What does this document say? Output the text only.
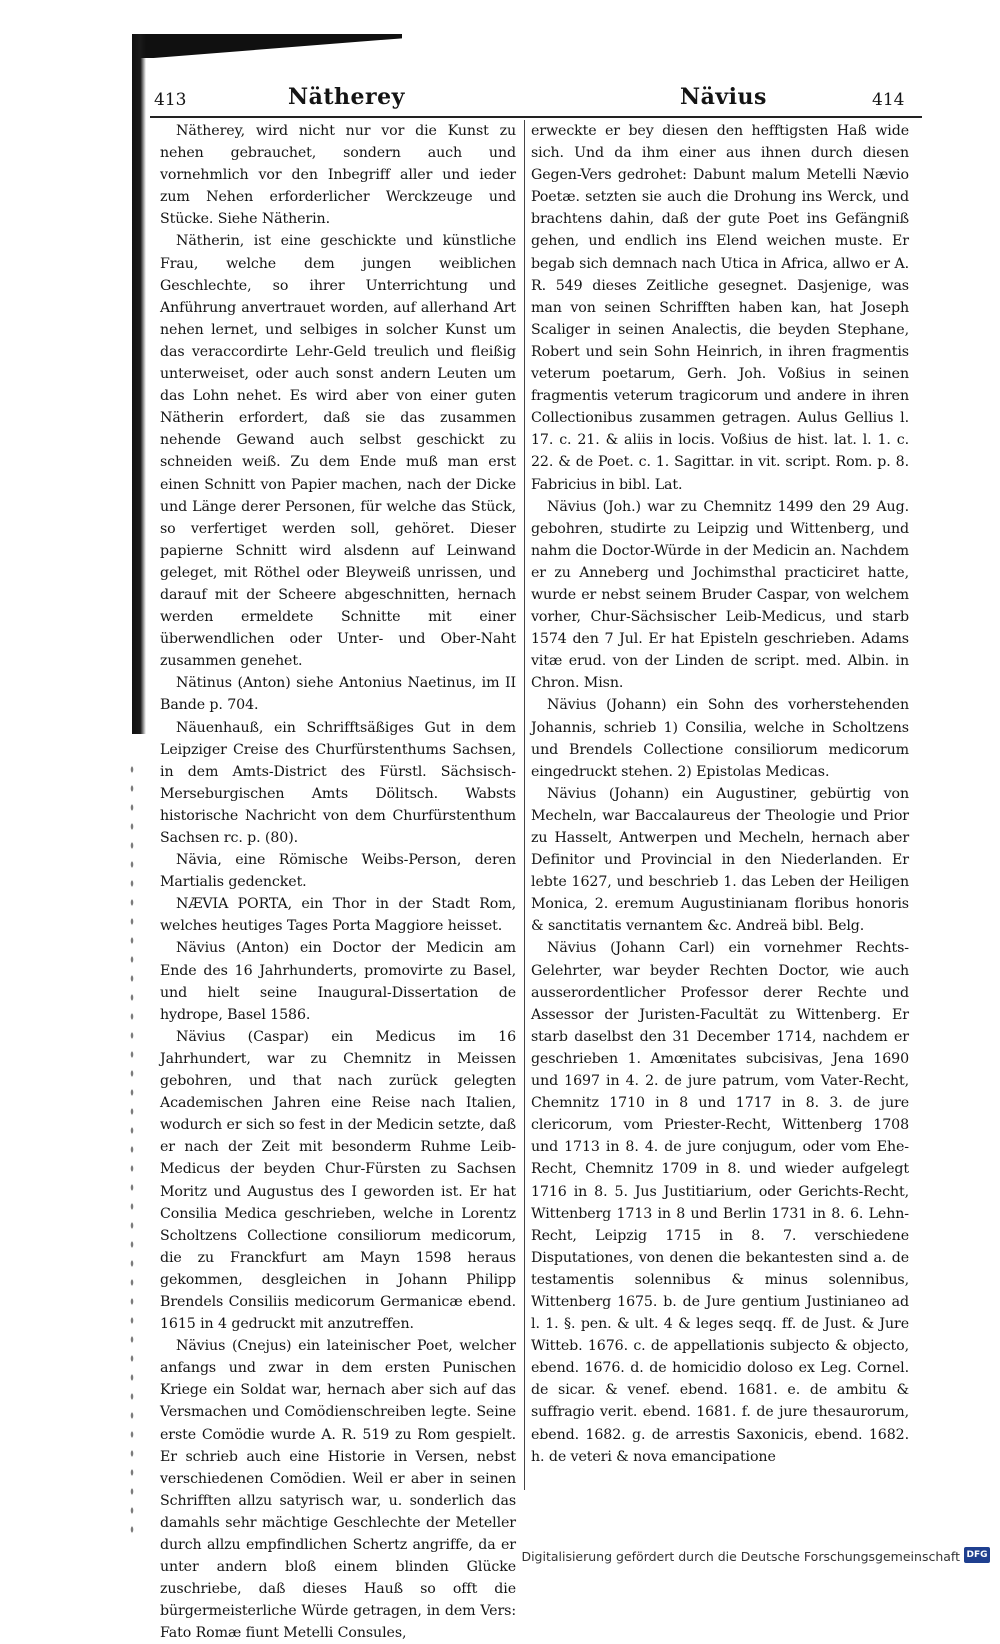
413	Nätherey	Nävius	414

Nätherey, wird nicht nur vor die Kunst zu nehen gebrauchet, sondern auch und vornehmlich vor den Inbegriff aller und ieder zum Nehen erforderlicher Werckzeuge und Stücke. Siehe Nätherin.

Nätherin, ist eine geschickte und künstliche Frau, welche dem jungen weiblichen Geschlechte, so ihrer Unterrichtung und Anführung anvertrauet worden, auf allerhand Art nehen lernet, und selbiges in solcher Kunst um das veraccordirte Lehr-Geld treulich und fleißig unterweiset, oder auch sonst andern Leuten um das Lohn nehet. Es wird aber von einer guten Nätherin erfordert, daß sie das zusammen nehende Gewand auch selbst geschickt zu schneiden weiß. Zu dem Ende muß man erst einen Schnitt von Papier machen, nach der Dicke und Länge derer Personen, für welche das Stück, so verfertiget werden soll, gehöret. Dieser papierne Schnitt wird alsdenn auf Leinwand geleget, mit Röthel oder Bleyweiß unrissen, und darauf mit der Scheere abgeschnitten, hernach werden ermeldete Schnitte mit einer überwendlichen oder Unter- und Ober-Naht zusammen genehet.

Nätinus (Anton) siehe Antonius Naetinus, im II Bande p. 704.

Näuenhauß, ein Schrifftsäßiges Gut in dem Leipziger Creise des Churfürstenthums Sachsen, in dem Amts-District des Fürstl. Sächsisch-Merseburgischen Amts Dölitsch. Wabsts historische Nachricht von dem Churfürstenthum Sachsen rc. p. (80).

Nävia, eine Römische Weibs-Person, deren Martialis gedencket.

NÆVIA PORTA, ein Thor in der Stadt Rom, welches heutiges Tages Porta Maggiore heisset.

Nävius (Anton) ein Doctor der Medicin am Ende des 16 Jahrhunderts, promovirte zu Basel, und hielt seine Inaugural-Dissertation de hydrope, Basel 1586.

Nävius (Caspar) ein Medicus im 16 Jahrhundert, war zu Chemnitz in Meissen gebohren, und that nach zurück gelegten Academischen Jahren eine Reise nach Italien, wodurch er sich so fest in der Medicin setzte, daß er nach der Zeit mit besonderm Ruhme Leib-Medicus der beyden Chur-Fürsten zu Sachsen Moritz und Augustus des I geworden ist. Er hat Consilia Medica geschrieben, welche in Lorentz Scholtzens Collectione consiliorum medicorum, die zu Franckfurt am Mayn 1598 heraus gekommen, desgleichen in Johann Philipp Brendels Consiliis medicorum Germanicæ ebend. 1615 in 4 gedruckt mit anzutreffen.

Nävius (Cnejus) ein lateinischer Poet, welcher anfangs und zwar in dem ersten Punischen Kriege ein Soldat war, hernach aber sich auf das Versmachen und Comödienschreiben legte. Seine erste Comödie wurde A. R. 519 zu Rom gespielt. Er schrieb auch eine Historie in Versen, nebst verschiedenen Comödien. Weil er aber in seinen Schrifften allzu satyrisch war, u. sonderlich das damahls sehr mächtige Geschlechte der Meteller durch allzu empfindlichen Schertz angriffe, da er unter andern bloß einem blinden Glücke zuschriebe, daß dieses Hauß so offt die bürgermeisterliche Würde getragen, in dem Vers: Fato Romæ fiunt Metelli Consules,

erweckte er bey diesen den hefftigsten Haß wide sich. Und da ihm einer aus ihnen durch diesen Gegen-Vers gedrohet: Dabunt malum Metelli Nævio Poetæ. setzten sie auch die Drohung ins Werck, und brachtens dahin, daß der gute Poet ins Gefängniß gehen, und endlich ins Elend weichen muste. Er begab sich demnach nach Utica in Africa, allwo er A. R. 549 dieses Zeitliche gesegnet. Dasjenige, was man von seinen Schrifften haben kan, hat Joseph Scaliger in seinen Analectis, die beyden Stephane, Robert und sein Sohn Heinrich, in ihren fragmentis veterum poetarum, Gerh. Joh. Voßius in seinen fragmentis veterum tragicorum und andere in ihren Collectionibus zusammen getragen. Aulus Gellius l. 17. c. 21. & aliis in locis. Voßius de hist. lat. l. 1. c. 22. & de Poet. c. 1. Sagittar. in vit. script. Rom. p. 8. Fabricius in bibl. Lat.

Nävius (Joh.) war zu Chemnitz 1499 den 29 Aug. gebohren, studirte zu Leipzig und Wittenberg, und nahm die Doctor-Würde in der Medicin an. Nachdem er zu Anneberg und Jochimsthal practiciret hatte, wurde er nebst seinem Bruder Caspar, von welchem vorher, Chur-Sächsischer Leib-Medicus, und starb 1574 den 7 Jul. Er hat Episteln geschrieben. Adams vitæ erud. von der Linden de script. med. Albin. in Chron. Misn.

Nävius (Johann) ein Sohn des vorherstehenden Johannis, schrieb 1) Consilia, welche in Scholtzens und Brendels Collectione consiliorum medicorum eingedruckt stehen. 2) Epistolas Medicas.

Nävius (Johann) ein Augustiner, gebürtig von Mecheln, war Baccalaureus der Theologie und Prior zu Hasselt, Antwerpen und Mecheln, hernach aber Definitor und Provincial in den Niederlanden. Er lebte 1627, und beschrieb 1. das Leben der Heiligen Monica, 2. eremum Augustinianam floribus honoris & sanctitatis vernantem &c. Andreä bibl. Belg.

Nävius (Johann Carl) ein vornehmer Rechts-Gelehrter, war beyder Rechten Doctor, wie auch ausserordentlicher Professor derer Rechte und Assessor der Juristen-Facultät zu Wittenberg. Er starb daselbst den 31 December 1714, nachdem er geschrieben 1. Amœnitates subcisivas, Jena 1690 und 1697 in 4. 2. de jure patrum, vom Vater-Recht, Chemnitz 1710 in 8 und 1717 in 8. 3. de jure clericorum, vom Priester-Recht, Wittenberg 1708 und 1713 in 8. 4. de jure conjugum, oder vom Ehe-Recht, Chemnitz 1709 in 8. und wieder aufgelegt 1716 in 8. 5. Jus Justitiarium, oder Gerichts-Recht, Wittenberg 1713 in 8 und Berlin 1731 in 8. 6. Lehn-Recht, Leipzig 1715 in 8. 7. verschiedene Disputationes, von denen die bekantesten sind a. de testamentis solennibus & minus solennibus, Wittenberg 1675. b. de Jure gentium Justinianeo ad l. 1. §. pen. & ult. 4 & leges seqq. ff. de Just. & Jure Witteb. 1676. c. de appellationis subjecto & objecto, ebend. 1676. d. de homicidio doloso ex Leg. Cornel. de sicar. & venef. ebend. 1681. e. de ambitu & suffragio verit. ebend. 1681. f. de jure thesaurorum, ebend. 1682. g. de arrestis Saxonicis, ebend. 1682. h. de veteri & nova emancipatione

Digitalisierung gefördert durch die Deutsche Forschungsgemeinschaft DFG
